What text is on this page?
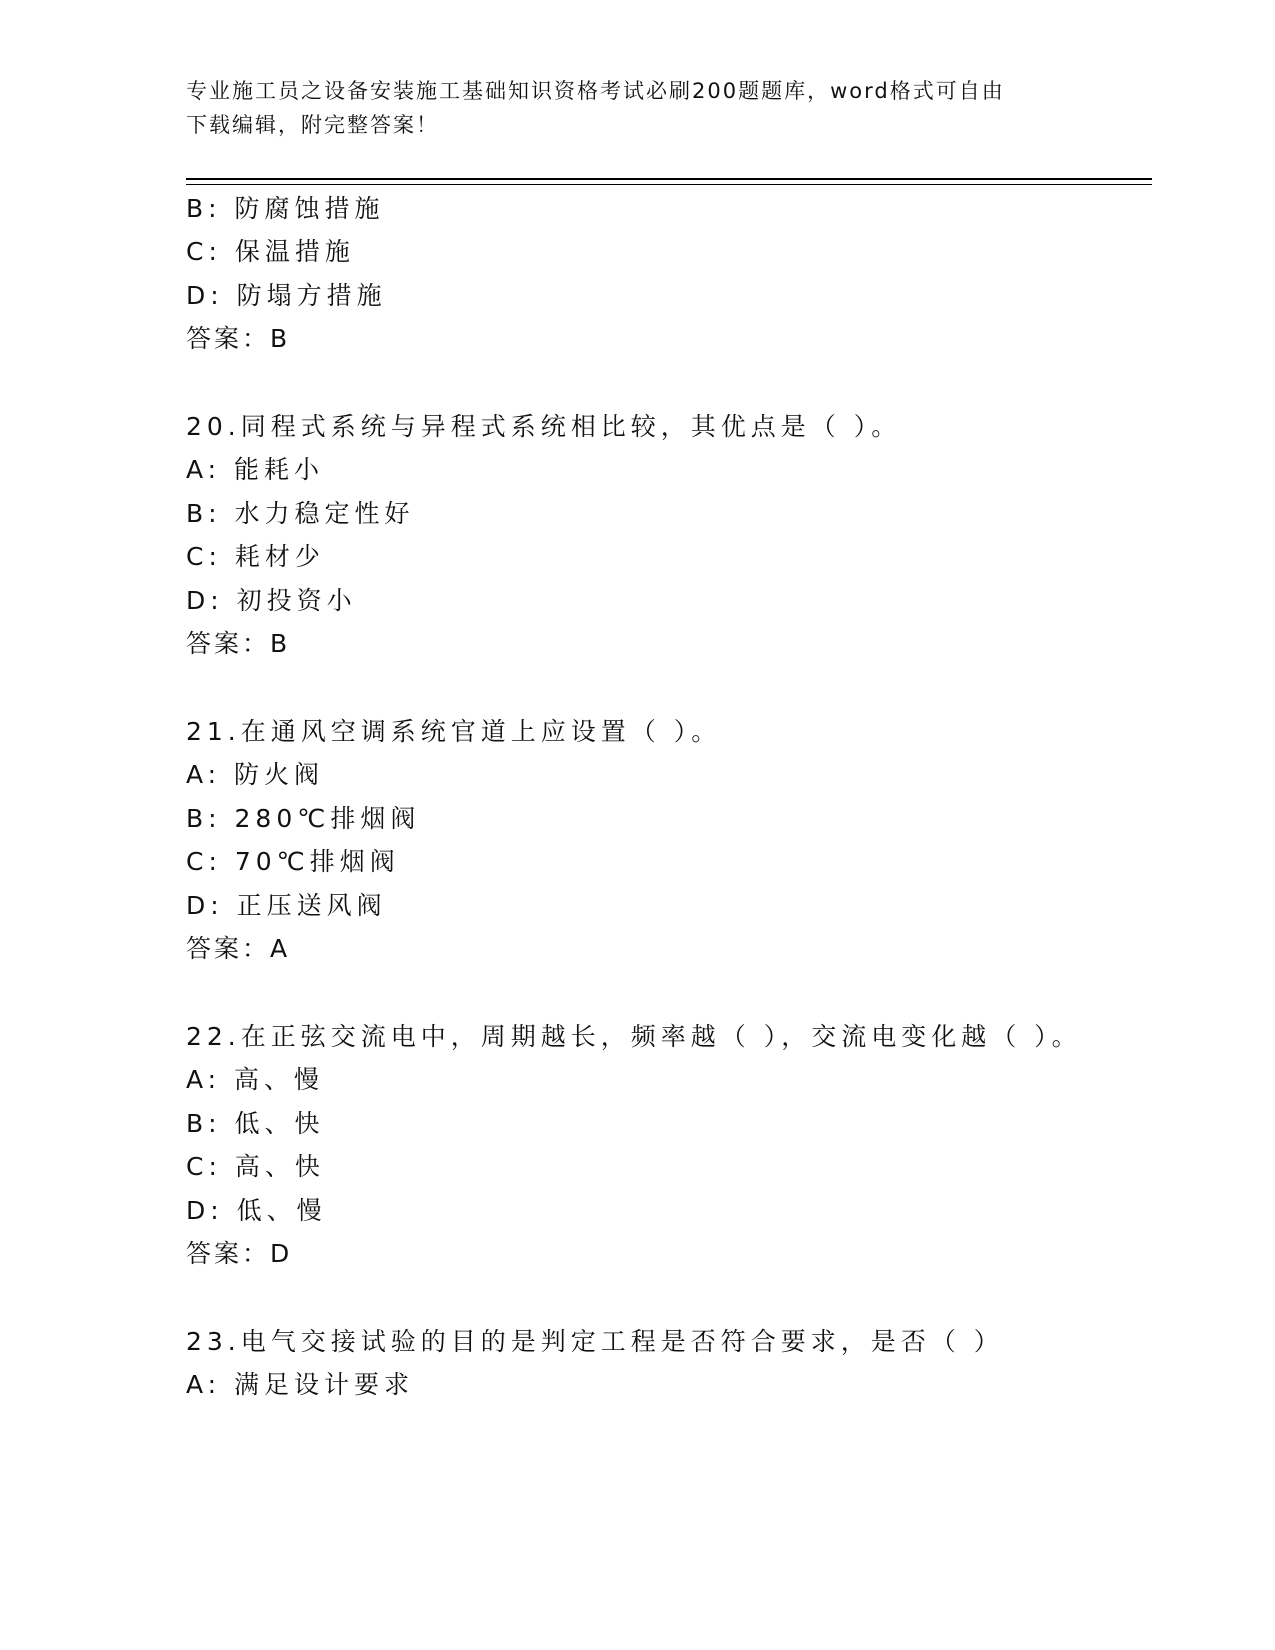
专业施工员之设备安装施工基础知识资格考试必刷200题题库，word格式可自由
下载编辑，附完整答案！
B: 防腐蚀措施
C: 保温措施
D: 防塌方措施
答案：B
20.同程式系统与异程式系统相比较，其优点是（ ）。
A: 能耗小
B: 水力稳定性好
C: 耗材少
D: 初投资小
答案：B
21.在通风空调系统官道上应设置（ ）。
A: 防火阀
B: 280℃排烟阀
C: 70℃排烟阀
D: 正压送风阀
答案：A
22.在正弦交流电中，周期越长，频率越（ ），交流电变化越（ ）。
A: 高、慢
B: 低、快
C: 高、快
D: 低、慢
答案：D
23.电气交接试验的目的是判定工程是否符合要求，是否（ ）
A: 满足设计要求
